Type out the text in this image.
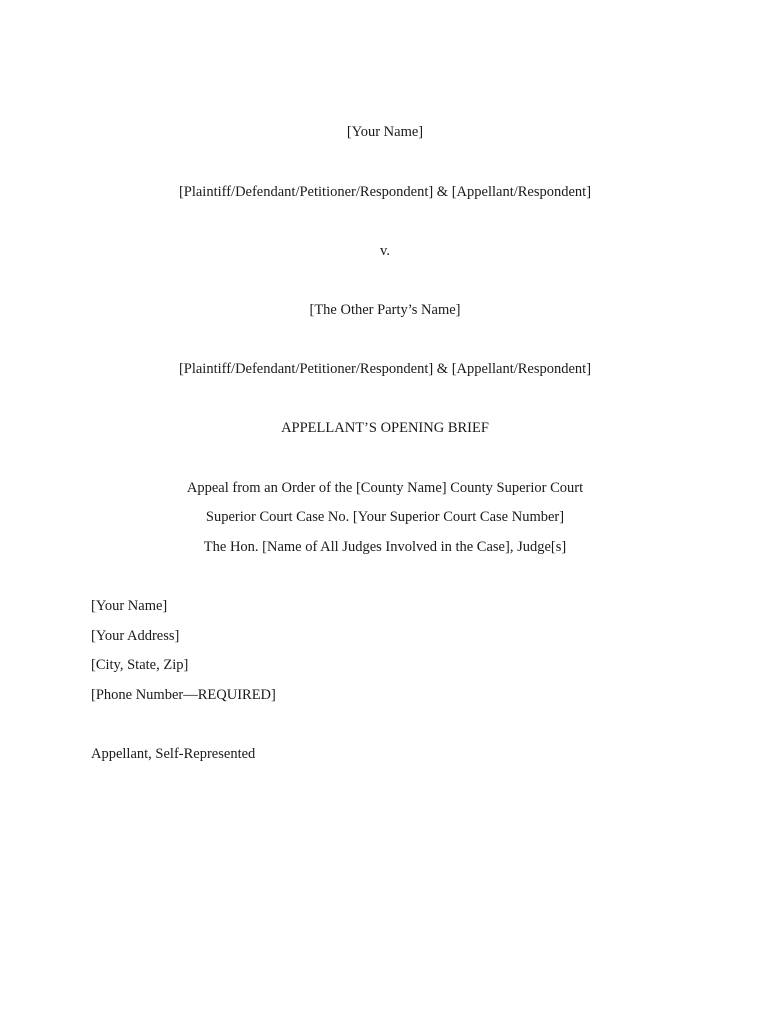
[Your Name]
[Plaintiff/Defendant/Petitioner/Respondent] & [Appellant/Respondent]
v.
[The Other Party’s Name]
[Plaintiff/Defendant/Petitioner/Respondent] & [Appellant/Respondent]
APPELLANT’S OPENING BRIEF
Appeal from an Order of the [County Name] County Superior Court
Superior Court Case No. [Your Superior Court Case Number]
The Hon. [Name of All Judges Involved in the Case], Judge[s]
[Your Name]
[Your Address]
[City, State, Zip]
[Phone Number—REQUIRED]
Appellant, Self-Represented
